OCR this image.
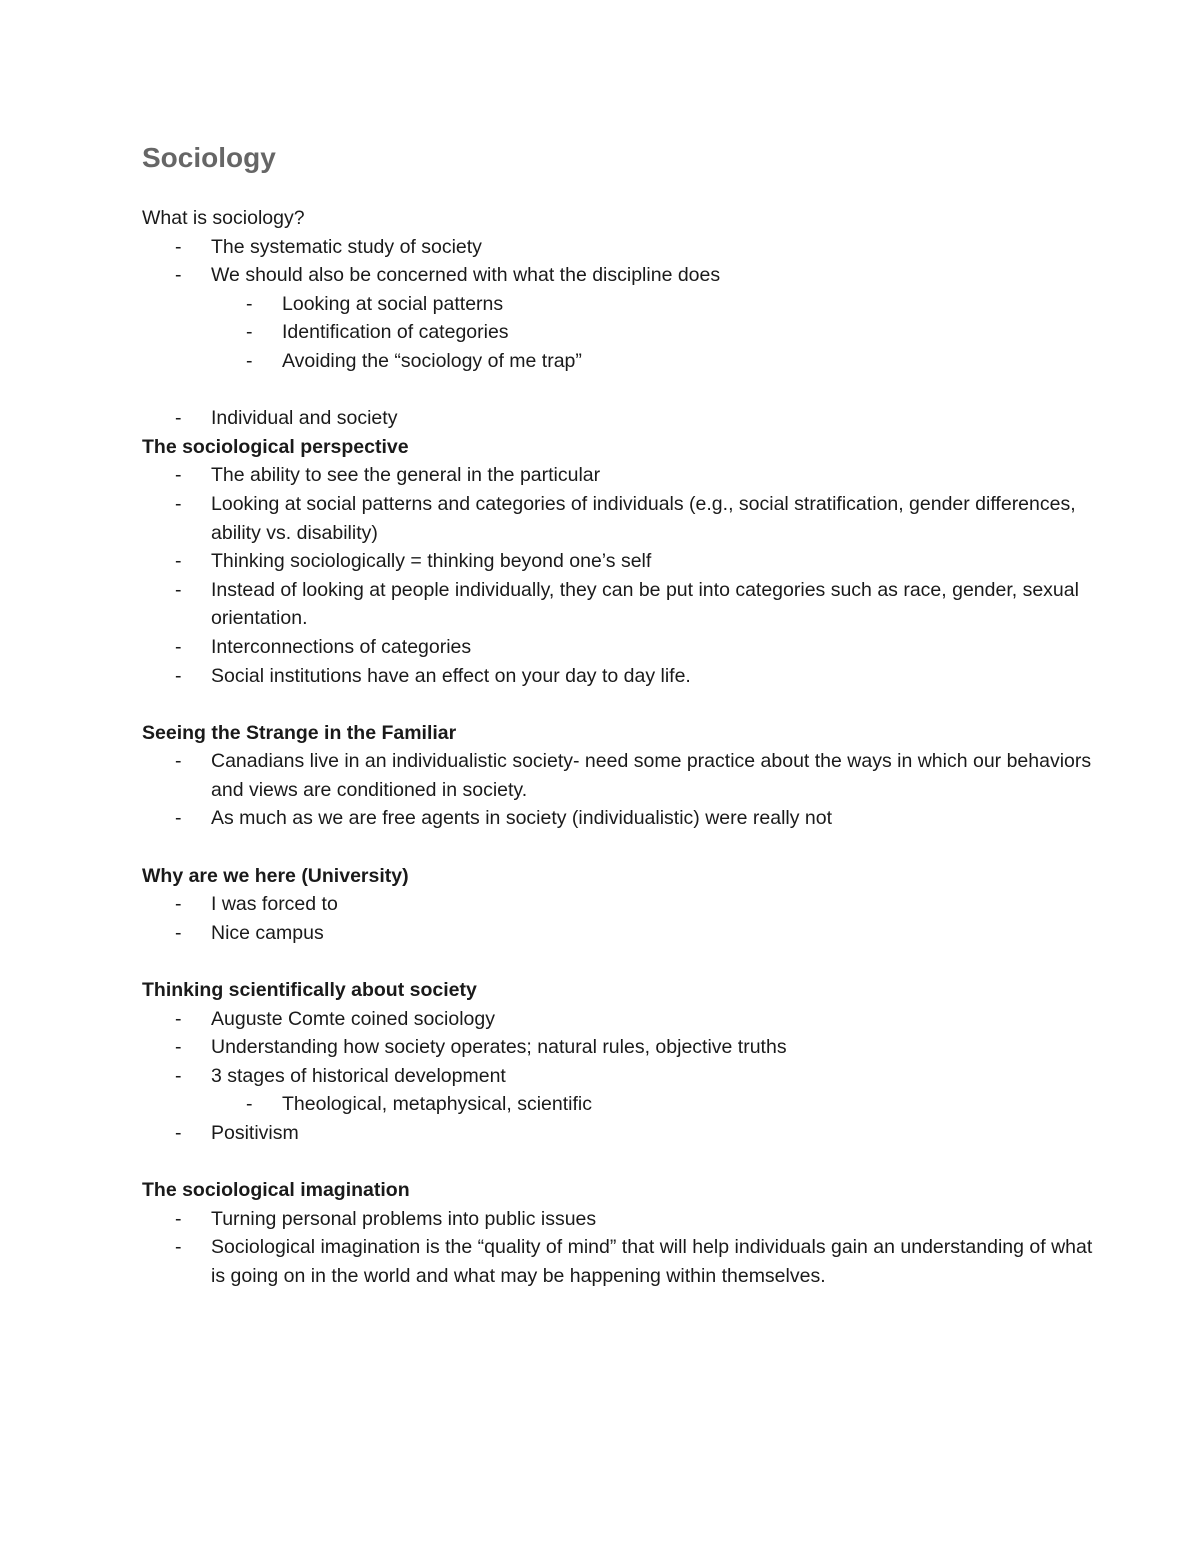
Sociology

What is sociology?

- The systematic study of society
- We should also be concerned with what the discipline does
- Looking at social patterns
- Identification of categories
- Avoiding the “sociology of me trap”
- Individual and society

The sociological perspective

- The ability to see the general in the particular
- Looking at social patterns and categories of individuals (e.g., social stratification, gender differences, ability vs. disability)
- Thinking sociologically = thinking beyond one’s self
- Instead of looking at people individually, they can be put into categories such as race, gender, sexual orientation.
- Interconnections of categories
- Social institutions have an effect on your day to day life.

Seeing the Strange in the Familiar

- Canadians live in an individualistic society- need some practice about the ways in which our behaviors and views are conditioned in society.
- As much as we are free agents in society (individualistic) were really not

Why are we here (University)

- I was forced to
- Nice campus

Thinking scientifically about society

- Auguste Comte coined sociology
- Understanding how society operates; natural rules, objective truths
- 3 stages of historical development
- Theological, metaphysical, scientific
- Positivism

The sociological imagination

- Turning personal problems into public issues
- Sociological imagination is the “quality of mind” that will help individuals gain an understanding of what is going on in the world and what may be happening within themselves.
